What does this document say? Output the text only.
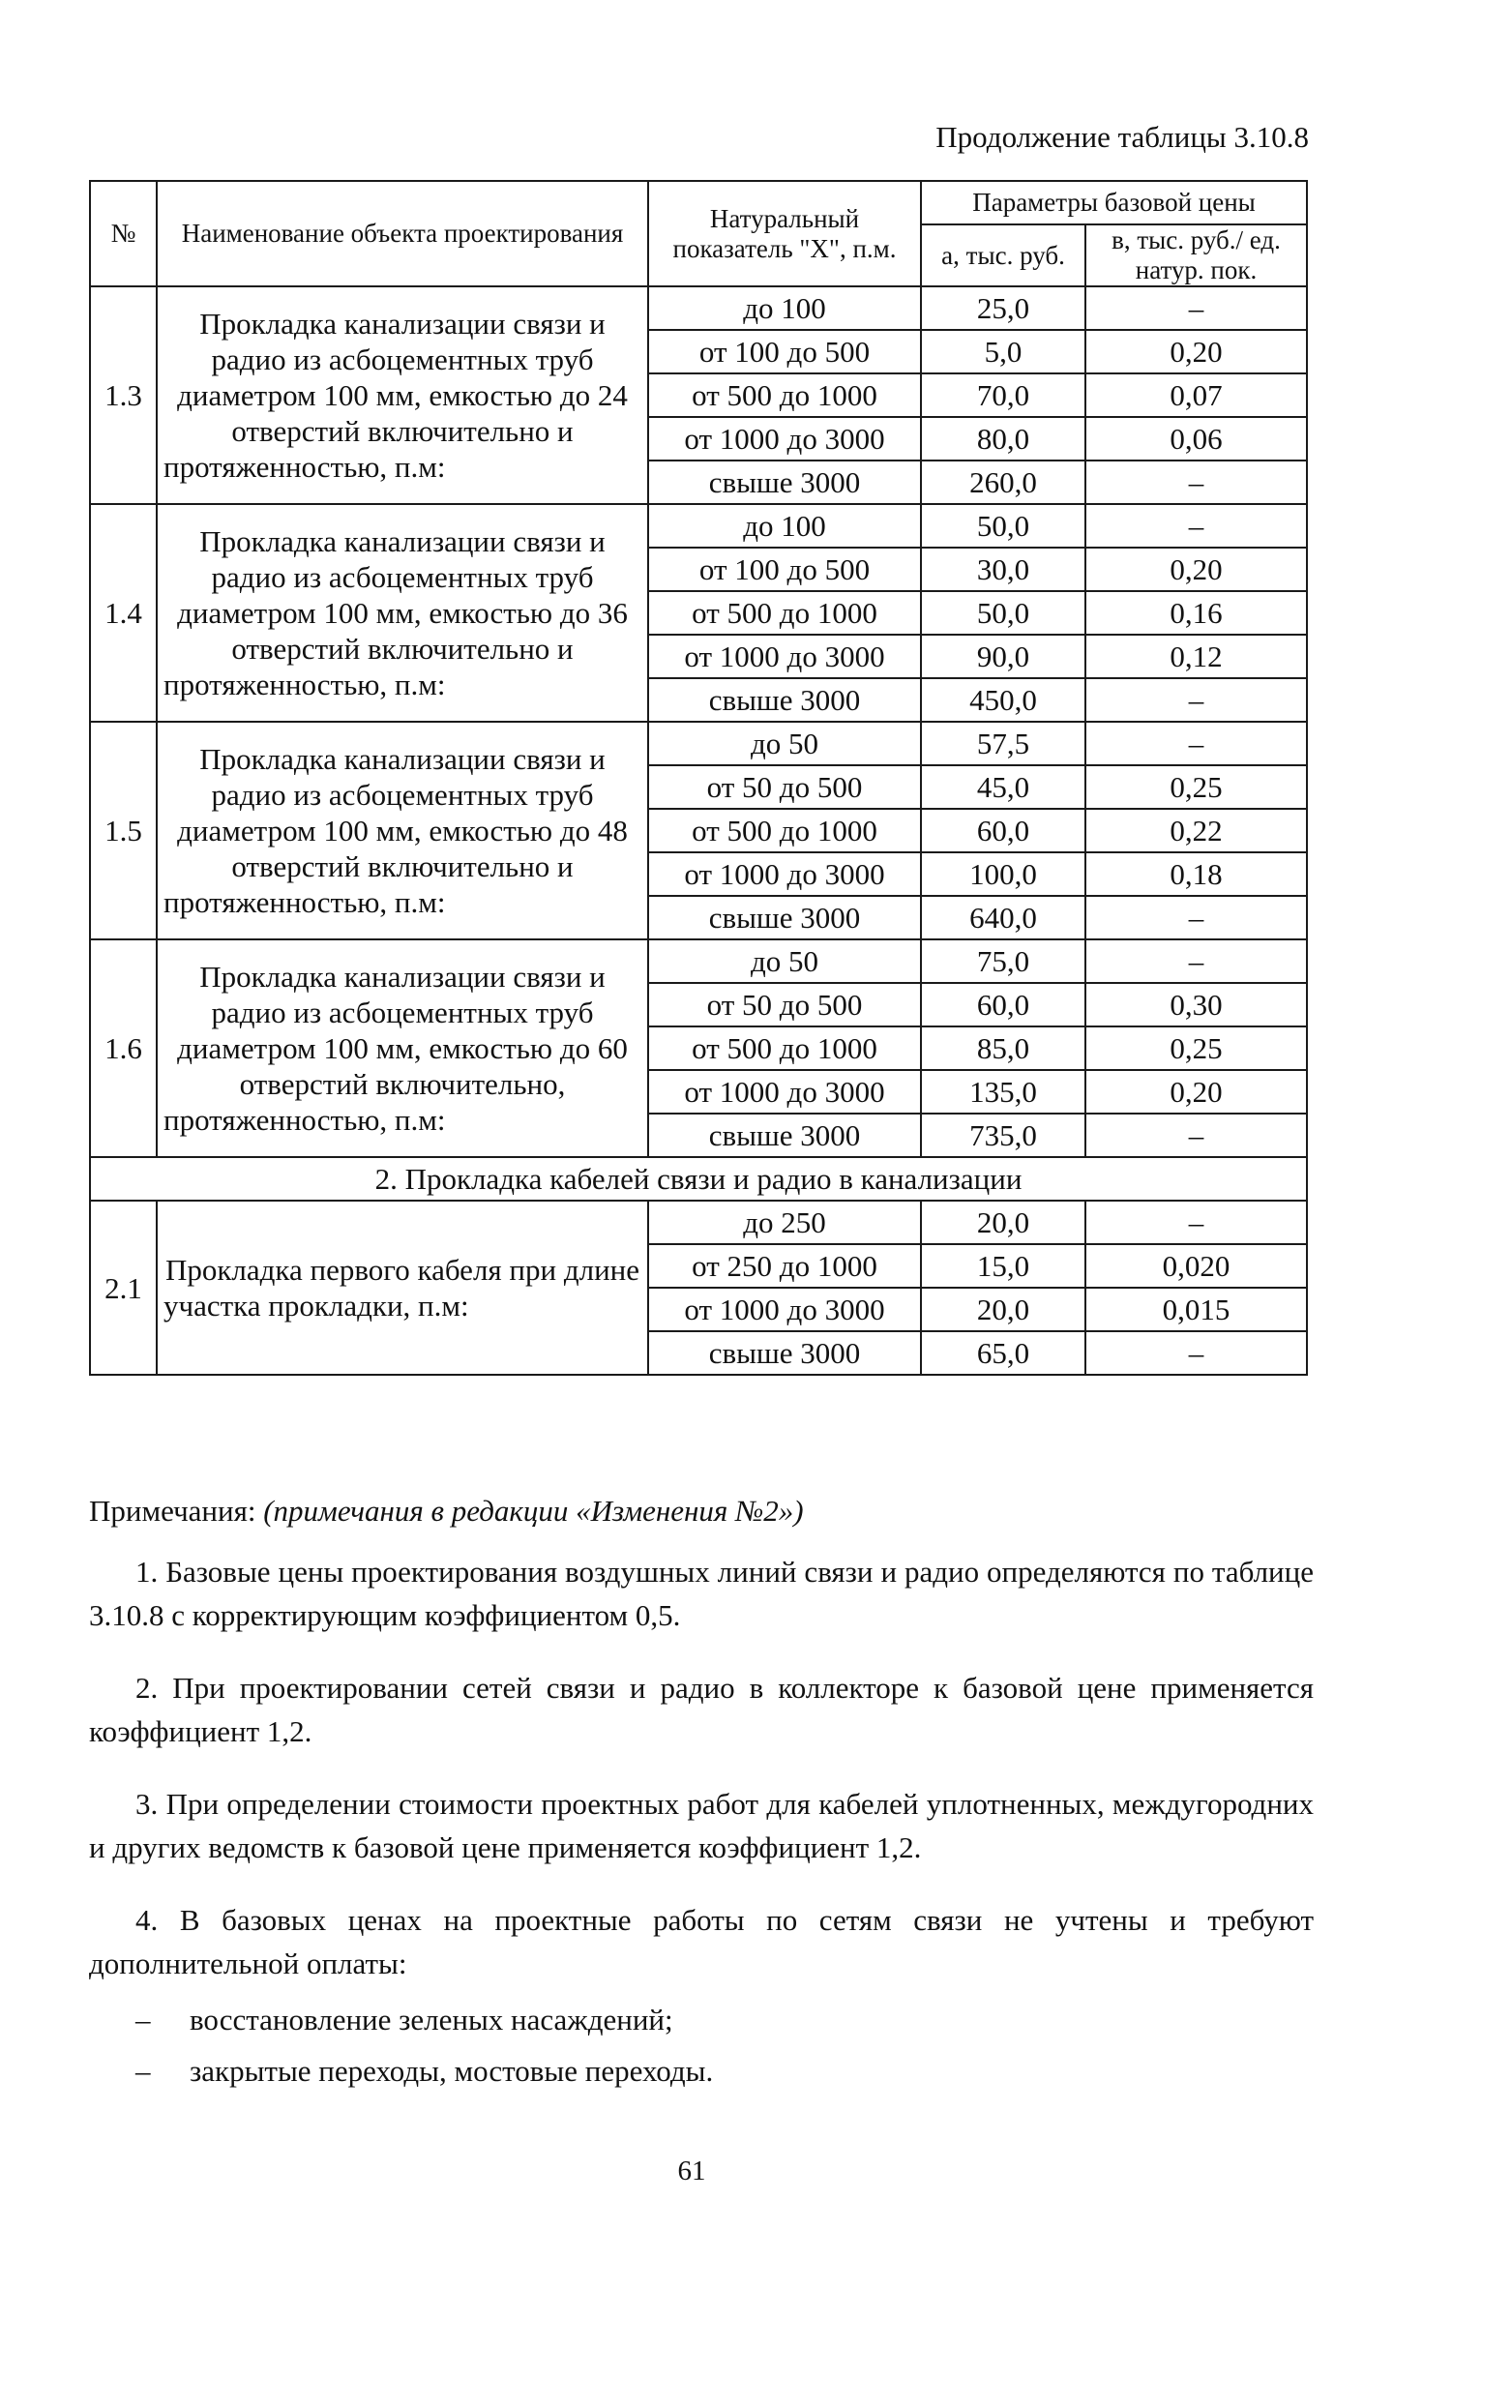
Продолжение таблицы 3.10.8
№	Наименование объекта проектирования	Натуральный показатель "X", п.м.	Параметры базовой цены	
			а, тыс. руб.	в, тыс. руб./ ед. натур. пок.
1.3	Прокладка канализации связи и радио из асбоцементных труб диаметром 100 мм, емкостью до 24 отверстий включительно и протяженностью, п.м:	до 100	25,0	–
		от 100 до 500	5,0	0,20
		от 500 до 1000	70,0	0,07
		от 1000 до 3000	80,0	0,06
		свыше 3000	260,0	–
1.4	Прокладка канализации связи и радио из асбоцементных труб диаметром 100 мм, емкостью до 36 отверстий включительно и протяженностью, п.м:	до 100	50,0	–
		от 100 до 500	30,0	0,20
		от 500 до 1000	50,0	0,16
		от 1000 до 3000	90,0	0,12
		свыше 3000	450,0	–
1.5	Прокладка канализации связи и радио из асбоцементных труб диаметром 100 мм, емкостью до 48 отверстий включительно и протяженностью, п.м:	до 50	57,5	–
		от 50 до 500	45,0	0,25
		от 500 до 1000	60,0	0,22
		от 1000 до 3000	100,0	0,18
		свыше 3000	640,0	–
1.6	Прокладка канализации связи и радио из асбоцементных труб диаметром 100 мм, емкостью до 60 отверстий включительно, протяженностью, п.м:	до 50	75,0	–
		от 50 до 500	60,0	0,30
		от 500 до 1000	85,0	0,25
		от 1000 до 3000	135,0	0,20
		свыше 3000	735,0	–
2. Прокладка кабелей связи и радио в канализации				
2.1	Прокладка первого кабеля при длине участка прокладки, п.м:	до 250	20,0	–
		от 250 до 1000	15,0	0,020
		от 1000 до 3000	20,0	0,015
		свыше 3000	65,0	–

Примечания: (примечания в редакции «Изменения №2»)

1. Базовые цены проектирования воздушных линий связи и радио определяются по таблице 3.10.8 с корректирующим коэффициентом 0,5.

2. При проектировании сетей связи и радио в коллекторе к базовой цене применяется коэффициент 1,2.

3. При определении стоимости проектных работ для кабелей уплотненных, междугородних и других ведомств к базовой цене применяется коэффициент 1,2.

4. В базовых ценах на проектные работы по сетям связи не учтены и требуют дополнительной оплаты:

–	восстановление зеленых насаждений;
–	закрытые переходы, мостовые переходы.
61
